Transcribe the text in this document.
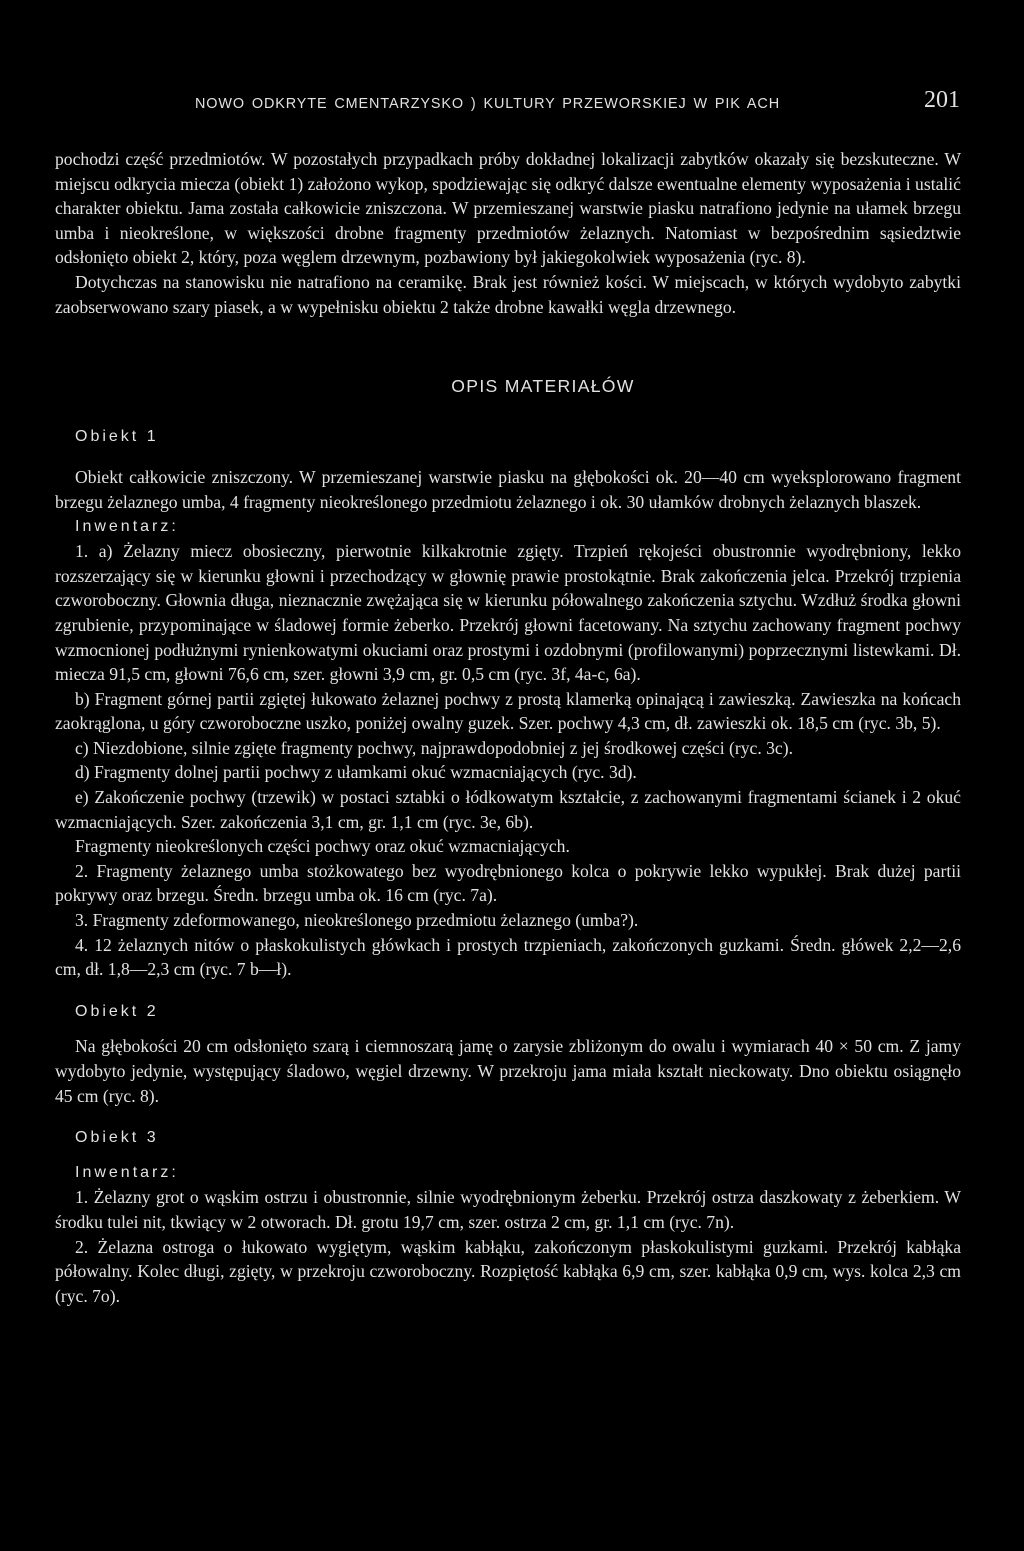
NOWO ODKRYTE CMENTARZYSKO ) KULTURY PRZEWORSKIEJ W PIK ACH	201

pochodzi część przedmiotów. W pozostałych przypadkach próby dokładnej lokalizacji zabytków okazały się bezskuteczne. W miejscu odkrycia miecza (obiekt 1) założono wykop, spodziewając się odkryć dalsze ewentualne elementy wyposażenia i ustalić charakter obiektu. Jama została całkowicie zniszczona. W przemieszanej warstwie piasku natrafiono jedynie na ułamek brzegu umba i nieokreślone, w większości drobne fragmenty przedmiotów żelaznych. Natomiast w bezpośrednim sąsiedztwie odsłonięto obiekt 2, który, poza węglem drzewnym, pozbawiony był jakiegokolwiek wyposażenia (ryc. 8).

Dotychczas na stanowisku nie natrafiono na ceramikę. Brak jest również kości. W miejscach, w których wydobyto zabytki zaobserwowano szary piasek, a w wypełnisku obiektu 2 także drobne kawałki węgla drzewnego.

OPIS MATERIAŁÓW
Obiekt 1

Obiekt całkowicie zniszczony. W przemieszanej warstwie piasku na głębokości ok. 20—40 cm wyeksplorowano fragment brzegu żelaznego umba, 4 fragmenty nieokreślonego przedmiotu żelaznego i ok. 30 ułamków drobnych żelaznych blaszek.

Inwentarz:

1. a) Żelazny miecz obosieczny, pierwotnie kilkakrotnie zgięty. Trzpień rękojeści obustronnie wyodrębniony, lekko rozszerzający się w kierunku głowni i przechodzący w głownię prawie prostokątnie. Brak zakończenia jelca. Przekrój trzpienia czworoboczny. Głownia długa, nieznacznie zwężająca się w kierunku półowalnego zakończenia sztychu. Wzdłuż środka głowni zgrubienie, przypominające w śladowej formie żeberko. Przekrój głowni facetowany. Na sztychu zachowany fragment pochwy wzmocnionej podłużnymi rynienkowatymi okuciami oraz prostymi i ozdobnymi (profilowanymi) poprzecznymi listewkami. Dł. miecza 91,5 cm, głowni 76,6 cm, szer. głowni 3,9 cm, gr. 0,5 cm (ryc. 3f, 4a-c, 6a).

b) Fragment górnej partii zgiętej łukowato żelaznej pochwy z prostą klamerką opinającą i zawieszką. Zawieszka na końcach zaokrąglona, u góry czworoboczne uszko, poniżej owalny guzek. Szer. pochwy 4,3 cm, dł. zawieszki ok. 18,5 cm (ryc. 3b, 5).

c) Niezdobione, silnie zgięte fragmenty pochwy, najprawdopodobniej z jej środkowej części (ryc. 3c).

d) Fragmenty dolnej partii pochwy z ułamkami okuć wzmacniających (ryc. 3d).

e) Zakończenie pochwy (trzewik) w postaci sztabki o łódkowatym kształcie, z zachowanymi fragmentami ścianek i 2 okuć wzmacniających. Szer. zakończenia 3,1 cm, gr. 1,1 cm (ryc. 3e, 6b).

Fragmenty nieokreślonych części pochwy oraz okuć wzmacniających.

2. Fragmenty żelaznego umba stożkowatego bez wyodrębnionego kolca o pokrywie lekko wypukłej. Brak dużej partii pokrywy oraz brzegu. Średn. brzegu umba ok. 16 cm (ryc. 7a).

3. Fragmenty zdeformowanego, nieokreślonego przedmiotu żelaznego (umba?).

4. 12 żelaznych nitów o płaskokulistych główkach i prostych trzpieniach, zakończonych guzkami. Średn. główek 2,2—2,6 cm, dł. 1,8—2,3 cm (ryc. 7 b—ł).

Obiekt 2

Na głębokości 20 cm odsłonięto szarą i ciemnoszarą jamę o zarysie zbliżonym do owalu i wymiarach 40 × 50 cm. Z jamy wydobyto jedynie, występujący śladowo, węgiel drzewny. W przekroju jama miała kształt nieckowaty. Dno obiektu osiągnęło 45 cm (ryc. 8).

Obiekt 3
Inwentarz:

1. Żelazny grot o wąskim ostrzu i obustronnie, silnie wyodrębnionym żeberku. Przekrój ostrza daszkowaty z żeberkiem. W środku tulei nit, tkwiący w 2 otworach. Dł. grotu 19,7 cm, szer. ostrza 2 cm, gr. 1,1 cm (ryc. 7n).

2. Żelazna ostroga o łukowato wygiętym, wąskim kabłąku, zakończonym płaskokulistymi guzkami. Przekrój kabłąka półowalny. Kolec długi, zgięty, w przekroju czworoboczny. Rozpiętość kabłąka 6,9 cm, szer. kabłąka 0,9 cm, wys. kolca 2,3 cm (ryc. 7o).
